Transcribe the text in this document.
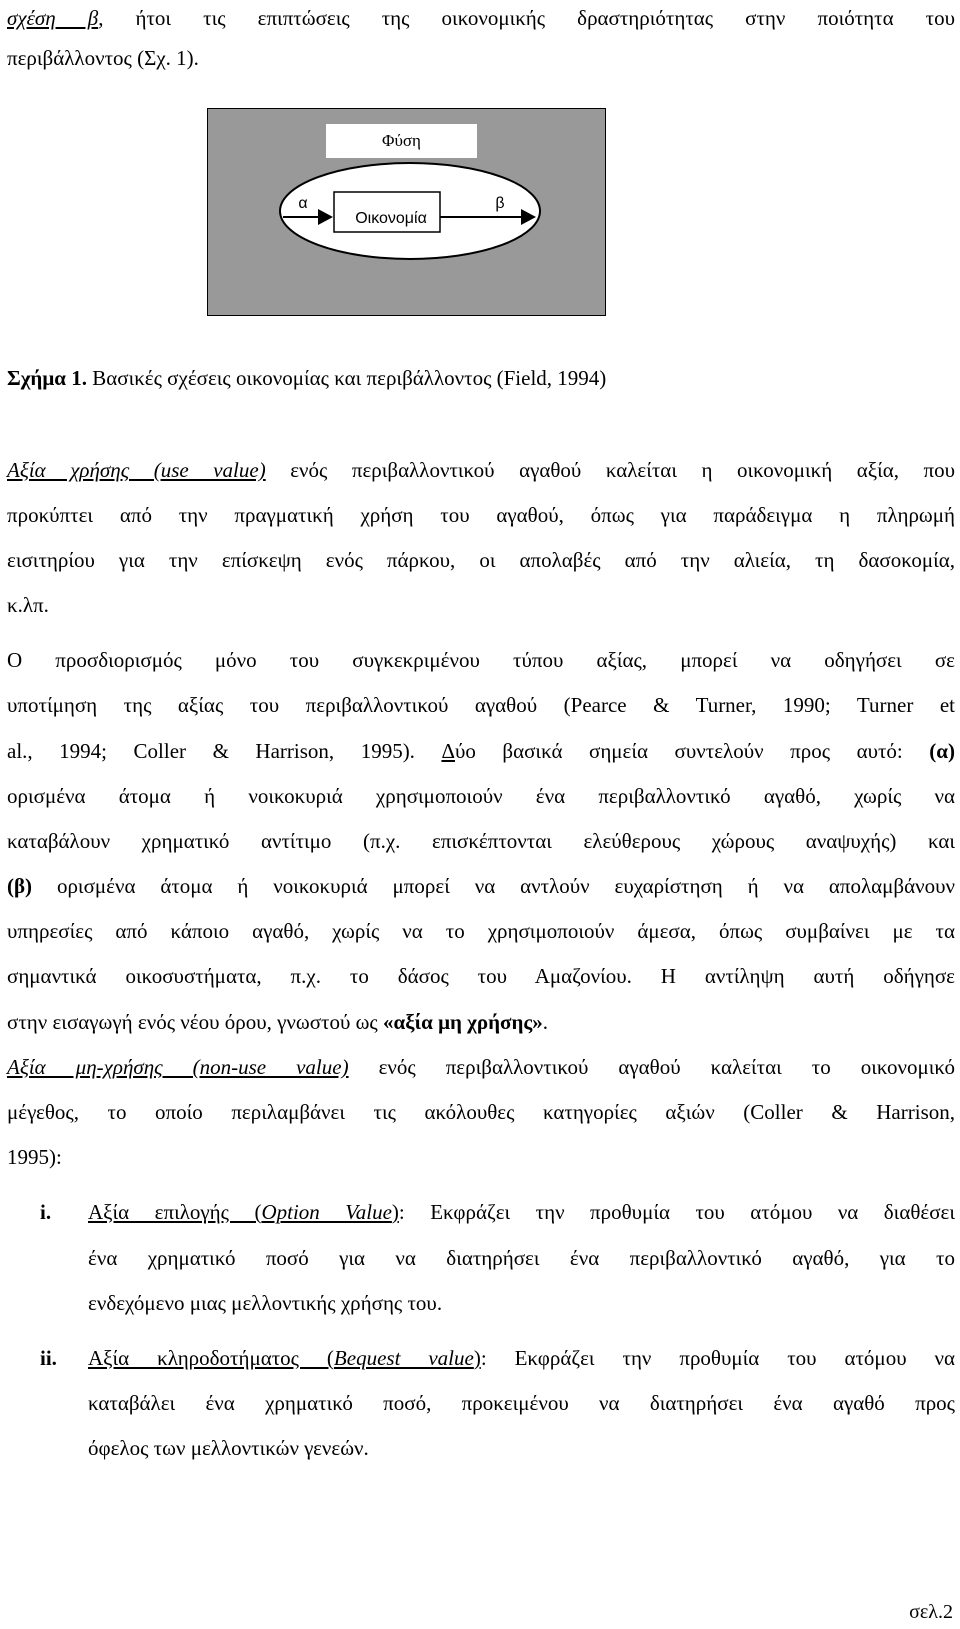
σχέση β, ήτοι τις επιπτώσεις της οικονομικής δραστηριότητας στην ποιότητα του
περιβάλλοντος (Σχ. 1).
Φύση
α	β
Οικονομία
Σχήμα 1. Βασικές σχέσεις οικονομίας και περιβάλλοντος (Field, 1994)
Αξία χρήσης (use value) ενός περιβαλλοντικού αγαθού καλείται η οικονομική αξία, που
προκύπτει από την πραγματική χρήση του αγαθού, όπως για παράδειγμα η πληρωμή
εισιτηρίου για την επίσκεψη ενός πάρκου, οι απολαβές από την αλιεία, τη δασοκομία,
κ.λπ.
Ο προσδιορισμός μόνο του συγκεκριμένου τύπου αξίας, μπορεί να οδηγήσει σε
υποτίμηση της αξίας του περιβαλλοντικού αγαθού (Pearce & Turner, 1990; Turner et
al., 1994; Coller & Harrison, 1995). Δύο βασικά σημεία συντελούν προς αυτό: (α)
ορισμένα άτομα ή νοικοκυριά χρησιμοποιούν ένα περιβαλλοντικό αγαθό, χωρίς να
καταβάλουν χρηματικό αντίτιμο (π.χ. επισκέπτονται ελεύθερους χώρους αναψυχής) και
(β) ορισμένα άτομα ή νοικοκυριά μπορεί να αντλούν ευχαρίστηση ή να απολαμβάνουν
υπηρεσίες από κάποιο αγαθό, χωρίς να το χρησιμοποιούν άμεσα, όπως συμβαίνει με τα
σημαντικά οικοσυστήματα, π.χ. το δάσος του Αμαζονίου. Η αντίληψη αυτή οδήγησε
στην εισαγωγή ενός νέου όρου, γνωστού ως «αξία μη χρήσης».
Αξία μη-χρήσης (non-use value) ενός περιβαλλοντικού αγαθού καλείται το οικονομικό
μέγεθος, το οποίο περιλαμβάνει τις ακόλουθες κατηγορίες αξιών (Coller & Harrison,
1995):
i.	Αξία επιλογής (Option Value): Εκφράζει την προθυμία του ατόμου να διαθέσει
ένα χρηματικό ποσό για να διατηρήσει ένα περιβαλλοντικό αγαθό, για το
ενδεχόμενο μιας μελλοντικής χρήσης του.
ii.	Αξία κληροδοτήματος (Bequest value): Εκφράζει την προθυμία του ατόμου να
καταβάλει ένα χρηματικό ποσό, προκειμένου να διατηρήσει ένα αγαθό προς
όφελος των μελλοντικών γενεών.
σελ.2
